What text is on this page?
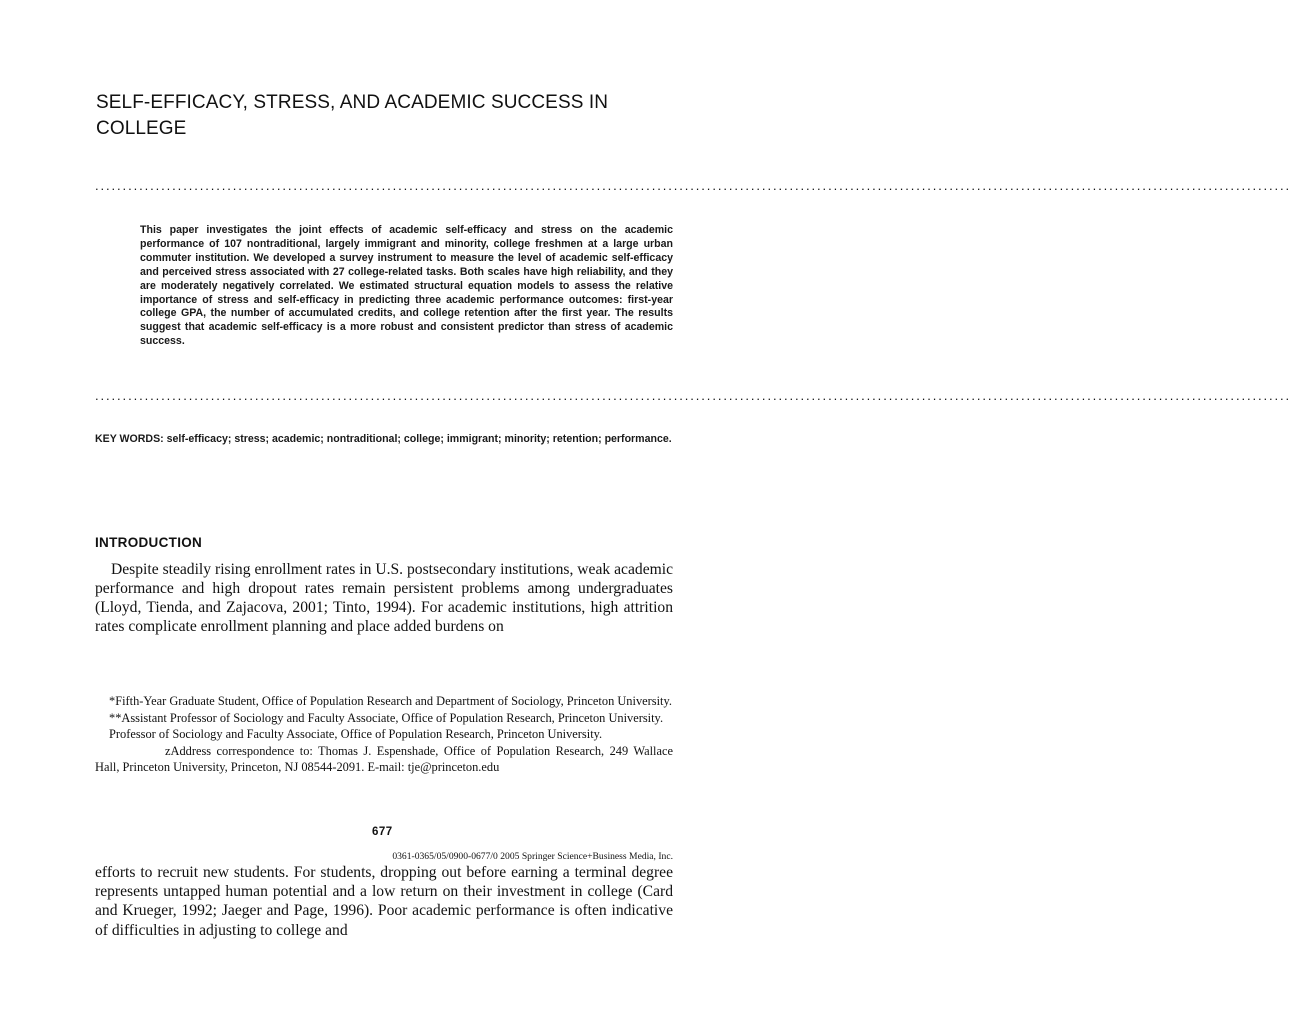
SELF-EFFICACY, STRESS, AND ACADEMIC SUCCESS IN COLLEGE
.........................................................................................................................................................................................................................
This paper investigates the joint effects of academic self-efficacy and stress on the academic performance of 107 nontraditional, largely immigrant and minority, college freshmen at a large urban commuter institution. We developed a survey instrument to measure the level of academic self-efficacy and perceived stress associated with 27 college-related tasks. Both scales have high reliability, and they are moderately negatively correlated. We estimated structural equation models to assess the relative importance of stress and self-efficacy in predicting three academic performance outcomes: first-year college GPA, the number of accumulated credits, and college retention after the first year. The results suggest that academic self-efficacy is a more robust and consistent predictor than stress of academic success.
.........................................................................................................................................................................................................................
KEY WORDS: self-efficacy; stress; academic; nontraditional; college; immigrant; minority; retention; performance.
INTRODUCTION
Despite steadily rising enrollment rates in U.S. postsecondary institutions, weak academic performance and high dropout rates remain persistent problems among undergraduates (Lloyd, Tienda, and Zajacova, 2001; Tinto, 1994). For academic institutions, high attrition rates complicate enrollment planning and place added burdens on

*Fifth-Year Graduate Student, Office of Population Research and Department of Sociology, Princeton University.

**Assistant Professor of Sociology and Faculty Associate, Office of Population Research, Princeton University.

Professor of Sociology and Faculty Associate, Office of Population Research, Princeton University.

zAddress correspondence to: Thomas J. Espenshade, Office of Population Research, 249 Wallace Hall, Princeton University, Princeton, NJ 08544-2091. E-mail: tje@princeton.edu

677
0361-0365/05/0900-0677/0 2005 Springer Science+Business Media, Inc.
efforts to recruit new students. For students, dropping out before earning a terminal degree represents untapped human potential and a low return on their investment in college (Card and Krueger, 1992; Jaeger and Page, 1996). Poor academic performance is often indicative of difficulties in adjusting to college and
